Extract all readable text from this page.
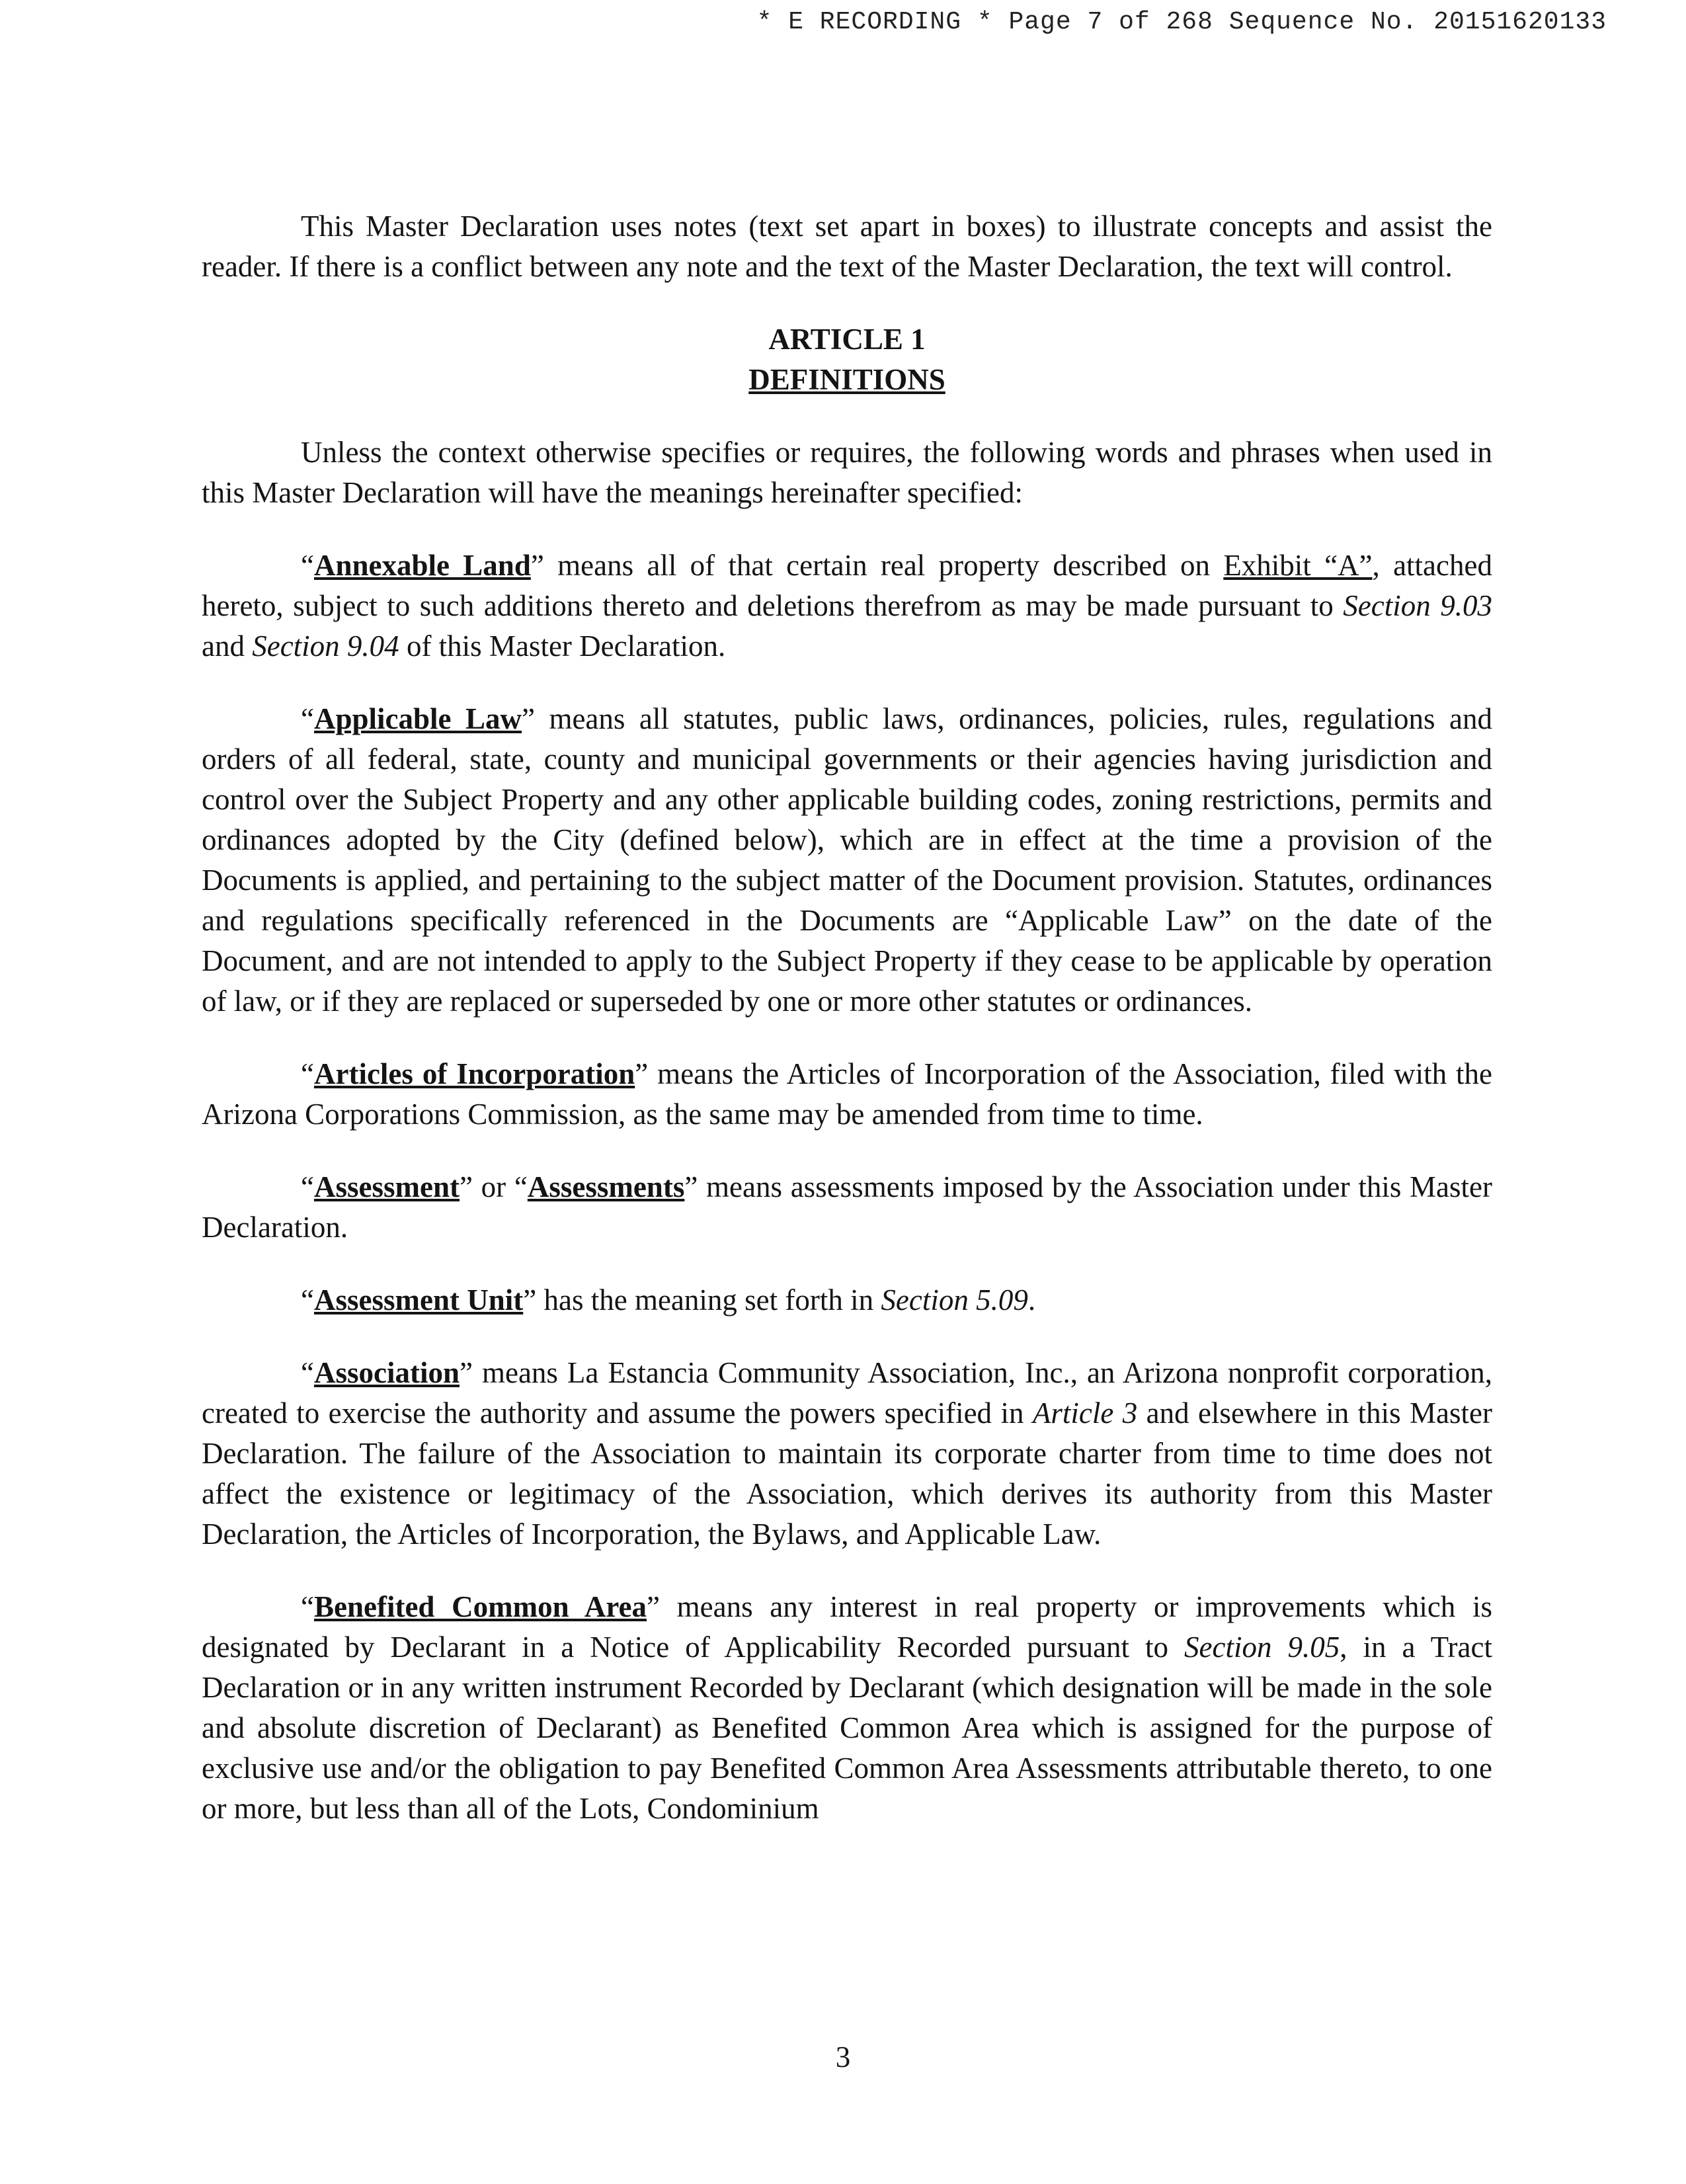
* E RECORDING * Page 7 of 268 Sequence No. 20151620133

This Master Declaration uses notes (text set apart in boxes) to illustrate concepts and assist the reader. If there is a conflict between any note and the text of the Master Declaration, the text will control.

ARTICLE 1
DEFINITIONS

Unless the context otherwise specifies or requires, the following words and phrases when used in this Master Declaration will have the meanings hereinafter specified:

“Annexable Land” means all of that certain real property described on Exhibit “A”, attached hereto, subject to such additions thereto and deletions therefrom as may be made pursuant to Section 9.03 and Section 9.04 of this Master Declaration.

“Applicable Law” means all statutes, public laws, ordinances, policies, rules, regulations and orders of all federal, state, county and municipal governments or their agencies having jurisdiction and control over the Subject Property and any other applicable building codes, zoning restrictions, permits and ordinances adopted by the City (defined below), which are in effect at the time a provision of the Documents is applied, and pertaining to the subject matter of the Document provision. Statutes, ordinances and regulations specifically referenced in the Documents are “Applicable Law” on the date of the Document, and are not intended to apply to the Subject Property if they cease to be applicable by operation of law, or if they are replaced or superseded by one or more other statutes or ordinances.

“Articles of Incorporation” means the Articles of Incorporation of the Association, filed with the Arizona Corporations Commission, as the same may be amended from time to time.

“Assessment” or “Assessments” means assessments imposed by the Association under this Master Declaration.

“Assessment Unit” has the meaning set forth in Section 5.09.

“Association” means La Estancia Community Association, Inc., an Arizona nonprofit corporation, created to exercise the authority and assume the powers specified in Article 3 and elsewhere in this Master Declaration. The failure of the Association to maintain its corporate charter from time to time does not affect the existence or legitimacy of the Association, which derives its authority from this Master Declaration, the Articles of Incorporation, the Bylaws, and Applicable Law.

“Benefited Common Area” means any interest in real property or improvements which is designated by Declarant in a Notice of Applicability Recorded pursuant to Section 9.05, in a Tract Declaration or in any written instrument Recorded by Declarant (which designation will be made in the sole and absolute discretion of Declarant) as Benefited Common Area which is assigned for the purpose of exclusive use and/or the obligation to pay Benefited Common Area Assessments attributable thereto, to one or more, but less than all of the Lots, Condominium

3
